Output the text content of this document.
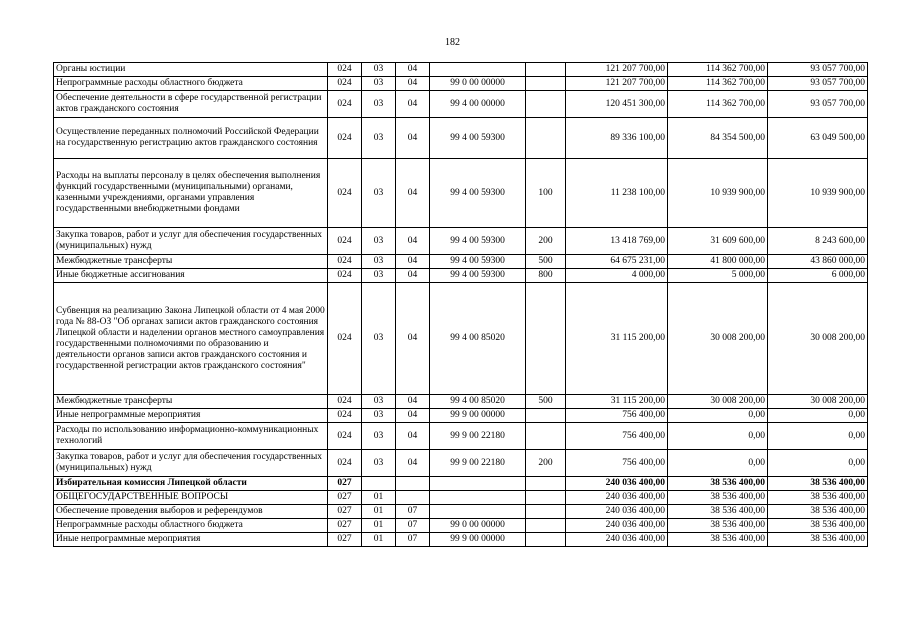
182
Органы юстиции	024	03	04			121 207 700,00	114 362 700,00	93 057 700,00
Непрограммные расходы областного бюджета	024	03	04	99 0 00 00000		121 207 700,00	114 362 700,00	93 057 700,00
Обеспечение деятельности в сфере государственной регистрации актов гражданского состояния	024	03	04	99 4 00 00000		120 451 300,00	114 362 700,00	93 057 700,00
Осуществление переданных полномочий Российской Федерации на государственную регистрацию актов гражданского состояния	024	03	04	99 4 00 59300		89 336 100,00	84 354 500,00	63 049 500,00
Расходы на выплаты персоналу в целях обеспечения выполнения функций государственными (муниципальными) органами, казенными учреждениями, органами управления государственными внебюджетными фондами	024	03	04	99 4 00 59300	100	11 238 100,00	10 939 900,00	10 939 900,00
Закупка товаров, работ и услуг для обеспечения государственных (муниципальных) нужд	024	03	04	99 4 00 59300	200	13 418 769,00	31 609 600,00	8 243 600,00
Межбюджетные трансферты	024	03	04	99 4 00 59300	500	64 675 231,00	41 800 000,00	43 860 000,00
Иные бюджетные ассигнования	024	03	04	99 4 00 59300	800	4 000,00	5 000,00	6 000,00
Субвенция на реализацию Закона Липецкой области от 4 мая 2000 года № 88-ОЗ "Об органах записи актов гражданского состояния Липецкой области и наделении органов местного самоуправления государственными полномочиями по образованию и деятельности органов записи актов гражданского состояния и государственной регистрации актов гражданского состояния"	024	03	04	99 4 00 85020		31 115 200,00	30 008 200,00	30 008 200,00
Межбюджетные трансферты	024	03	04	99 4 00 85020	500	31 115 200,00	30 008 200,00	30 008 200,00
Иные непрограммные мероприятия	024	03	04	99 9 00 00000		756 400,00	0,00	0,00
Расходы по использованию информационно-коммуникационных технологий	024	03	04	99 9 00 22180		756 400,00	0,00	0,00
Закупка товаров, работ и услуг для обеспечения государственных (муниципальных) нужд	024	03	04	99 9 00 22180	200	756 400,00	0,00	0,00
Избирательная комиссия Липецкой области	027					240 036 400,00	38 536 400,00	38 536 400,00
ОБЩЕГОСУДАРСТВЕННЫЕ ВОПРОСЫ	027	01				240 036 400,00	38 536 400,00	38 536 400,00
Обеспечение проведения выборов и референдумов	027	01	07			240 036 400,00	38 536 400,00	38 536 400,00
Непрограммные расходы областного бюджета	027	01	07	99 0 00 00000		240 036 400,00	38 536 400,00	38 536 400,00
Иные непрограммные мероприятия	027	01	07	99 9 00 00000		240 036 400,00	38 536 400,00	38 536 400,00
